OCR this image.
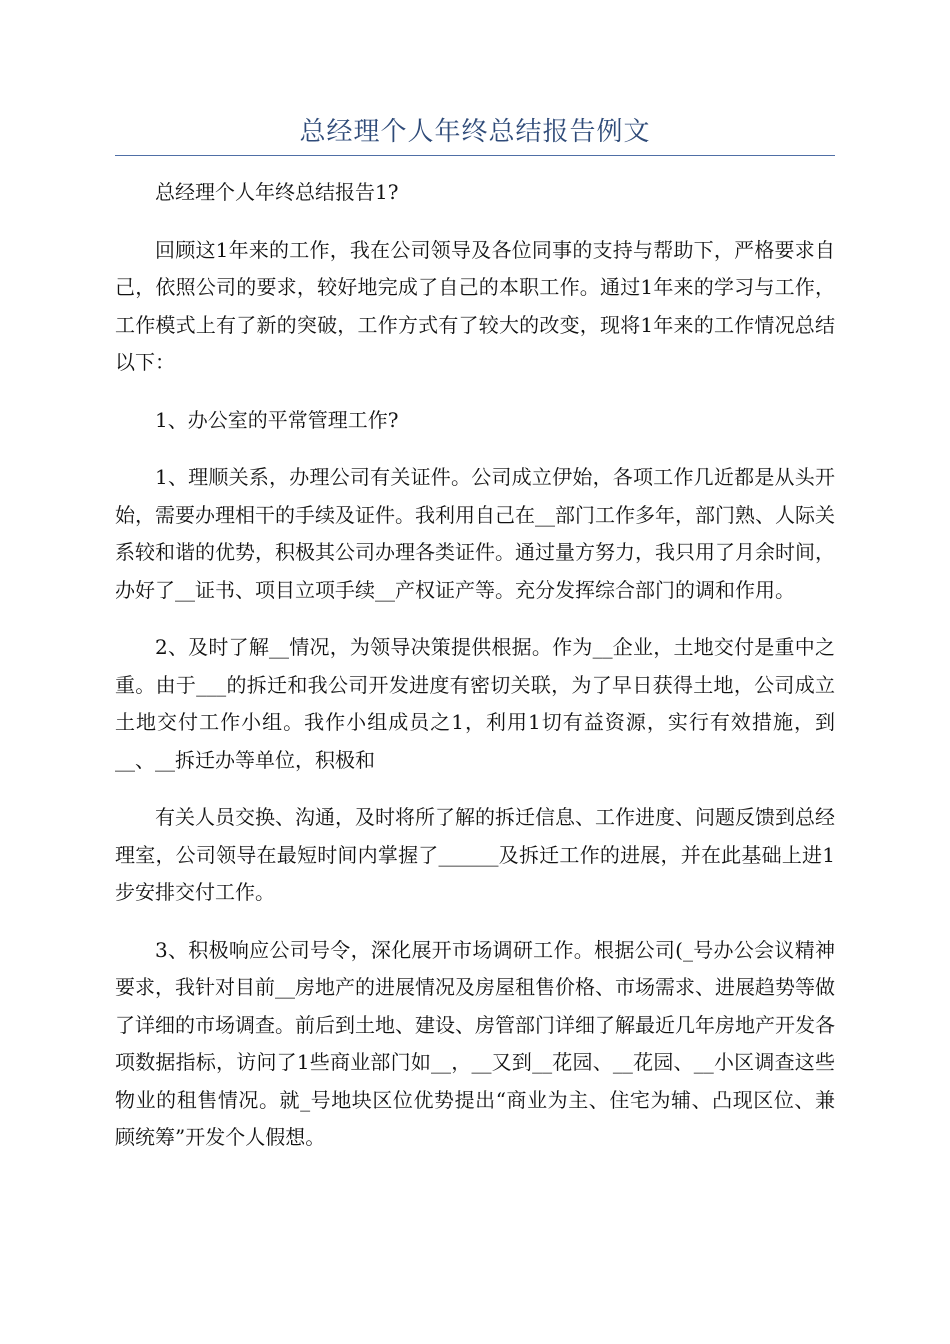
总经理个人年终总结报告例文

总经理个人年终总结报告1?

回顾这1年来的工作，我在公司领导及各位同事的支持与帮助下，严格要求自己，依照公司的要求，较好地完成了自己的本职工作。通过1年来的学习与工作，工作模式上有了新的突破，工作方式有了较大的改变，现将1年来的工作情况总结以下：

1、办公室的平常管理工作?

1、理顺关系，办理公司有关证件。公司成立伊始，各项工作几近都是从头开始，需要办理相干的手续及证件。我利用自己在__部门工作多年，部门熟、人际关系较和谐的优势，积极其公司办理各类证件。通过量方努力，我只用了月余时间，办好了__证书、项目立项手续__产权证产等。充分发挥综合部门的调和作用。

2、及时了解__情况，为领导决策提供根据。作为__企业，土地交付是重中之重。由于___的拆迁和我公司开发进度有密切关联，为了早日获得土地，公司成立土地交付工作小组。我作小组成员之1，利用1切有益资源，实行有效措施，到__、__拆迁办等单位，积极和

有关人员交换、沟通，及时将所了解的拆迁信息、工作进度、问题反馈到总经理室，公司领导在最短时间内掌握了______及拆迁工作的进展，并在此基础上进1步安排交付工作。

3、积极响应公司号令，深化展开市场调研工作。根据公司(_号办公会议精神要求，我针对目前__房地产的进展情况及房屋租售价格、市场需求、进展趋势等做了详细的市场调查。前后到土地、建设、房管部门详细了解最近几年房地产开发各项数据指标，访问了1些商业部门如__，__又到__花园、__花园、__小区调查这些物业的租售情况。就_号地块区位优势提出“商业为主、住宅为辅、凸现区位、兼顾统筹”开发个人假想。
